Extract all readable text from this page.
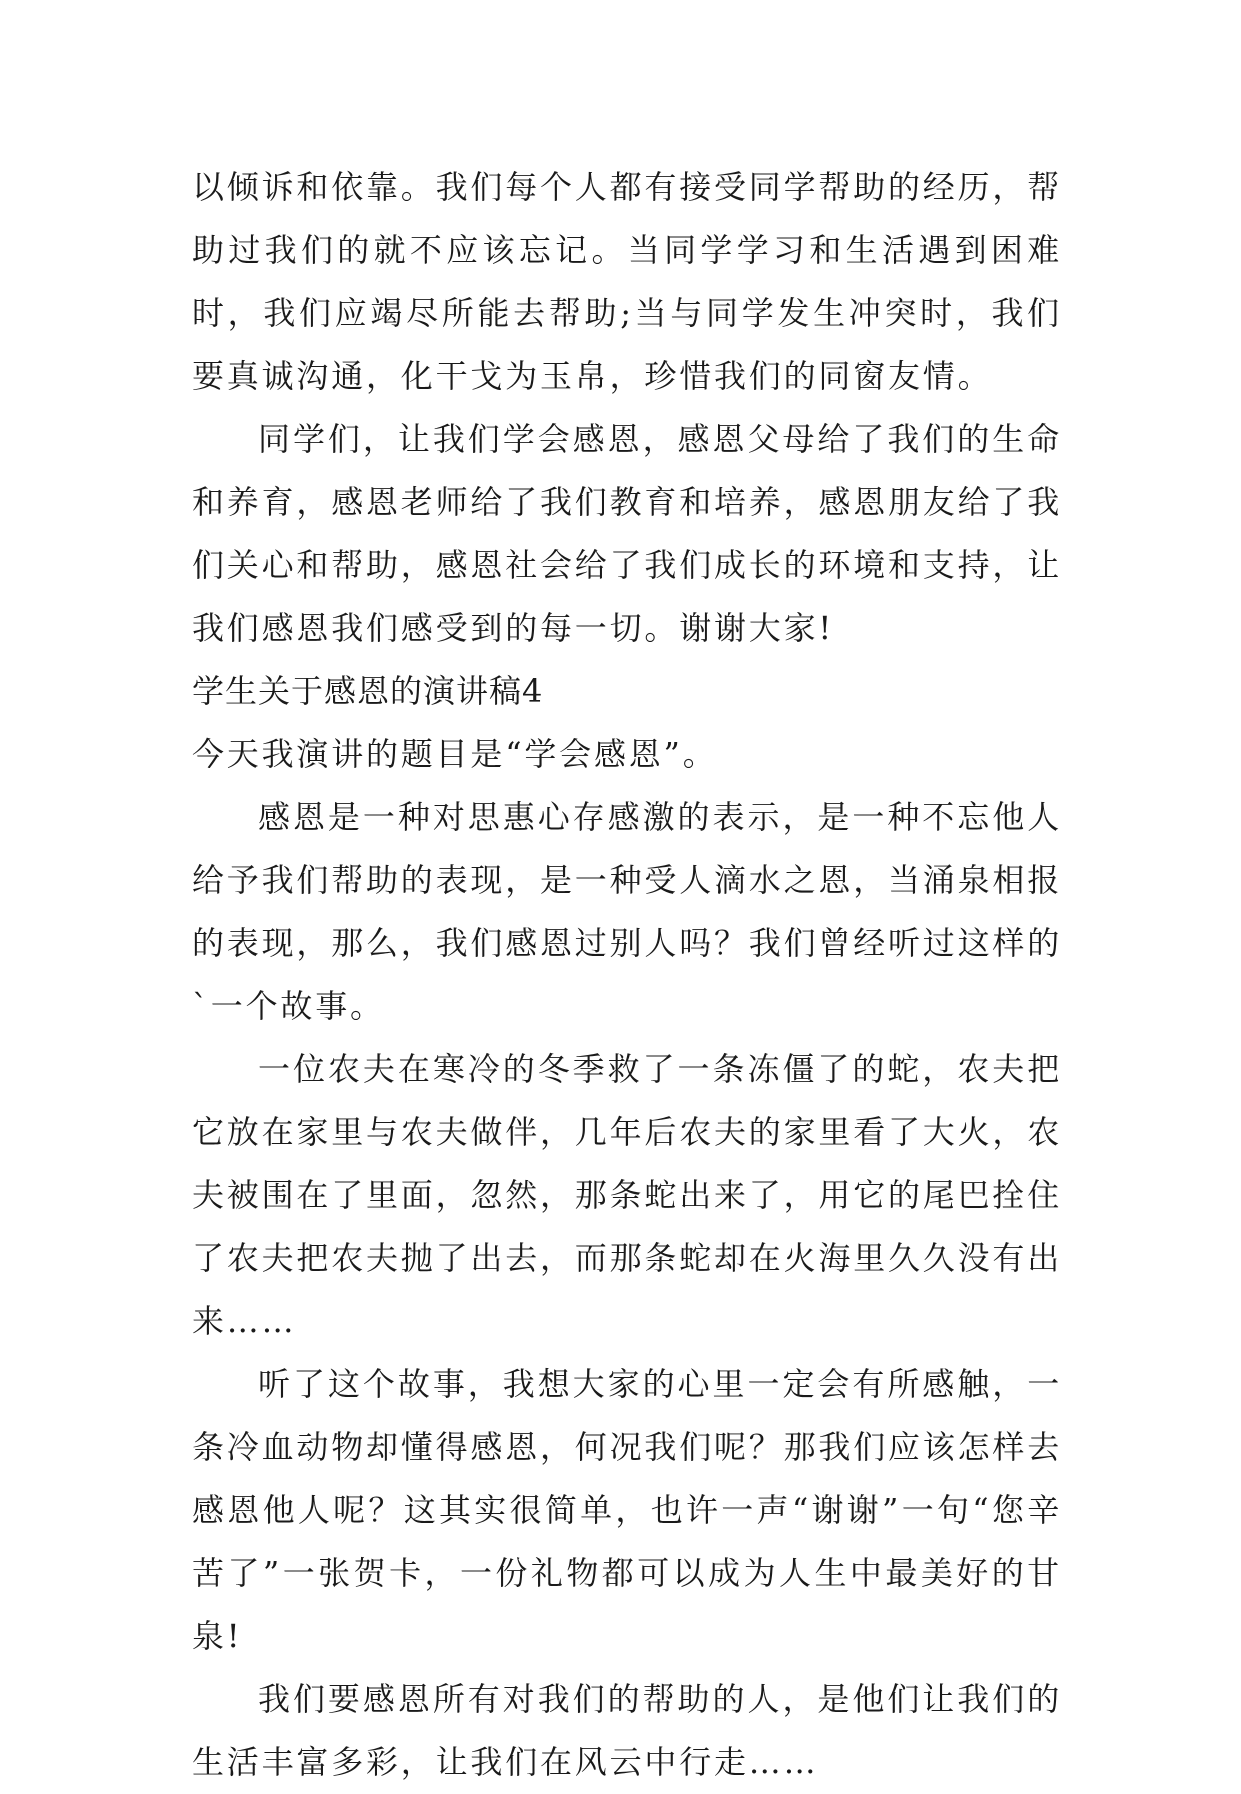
以倾诉和依靠。我们每个人都有接受同学帮助的经历，帮助过我们的就不应该忘记。当同学学习和生活遇到困难时，我们应竭尽所能去帮助;当与同学发生冲突时，我们要真诚沟通，化干戈为玉帛，珍惜我们的同窗友情。

同学们，让我们学会感恩，感恩父母给了我们的生命和养育，感恩老师给了我们教育和培养，感恩朋友给了我们关心和帮助，感恩社会给了我们成长的环境和支持，让我们感恩我们感受到的每一切。谢谢大家!

学生关于感恩的演讲稿4

今天我演讲的题目是“学会感恩”。

感恩是一种对思惠心存感激的表示，是一种不忘他人给予我们帮助的表现，是一种受人滴水之恩，当涌泉相报的表现，那么，我们感恩过别人吗？我们曾经听过这样的`一个故事。

一位农夫在寒冷的冬季救了一条冻僵了的蛇，农夫把它放在家里与农夫做伴，几年后农夫的家里看了大火，农夫被围在了里面，忽然，那条蛇出来了，用它的尾巴拴住了农夫把农夫抛了出去，而那条蛇却在火海里久久没有出来……

听了这个故事，我想大家的心里一定会有所感触，一条冷血动物却懂得感恩，何况我们呢？那我们应该怎样去感恩他人呢？这其实很简单，也许一声“谢谢”一句“您辛苦了”一张贺卡，一份礼物都可以成为人生中最美好的甘泉!

我们要感恩所有对我们的帮助的人，是他们让我们的生活丰富多彩，让我们在风云中行走……
